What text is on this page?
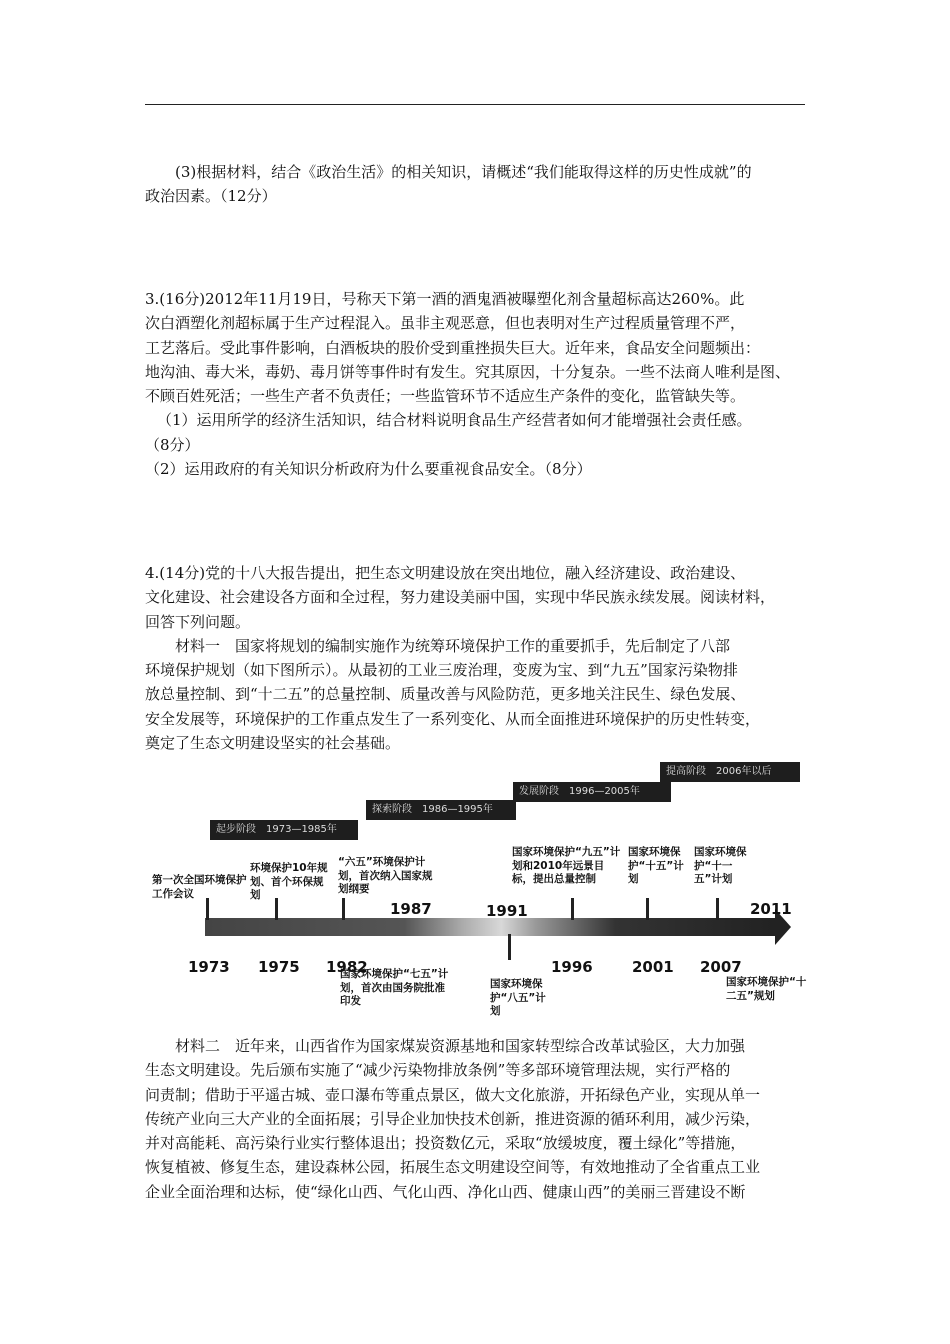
(3)根据材料，结合《政治生活》的相关知识，请概述“我们能取得这样的历史性成就”的
政治因素。（12分）
3.(16分)2012年11月19日，号称天下第一酒的酒鬼酒被曝塑化剂含量超标高达260%。此
次白酒塑化剂超标属于生产过程混入。虽非主观恶意，但也表明对生产过程质量管理不严，
工艺落后。受此事件影响，白酒板块的股价受到重挫损失巨大。近年来，食品安全问题频出：
地沟油、毒大米，毒奶、毒月饼等事件时有发生。究其原因，十分复杂。一些不法商人唯利是图、
不顾百姓死活；一些生产者不负责任；一些监管环节不适应生产条件的变化，监管缺失等。
（1）运用所学的经济生活知识，结合材料说明食品生产经营者如何才能增强社会责任感。
（8分）
（2）运用政府的有关知识分析政府为什么要重视食品安全。（8分）
4.(14分)党的十八大报告提出，把生态文明建设放在突出地位，融入经济建设、政治建设、
文化建设、社会建设各方面和全过程，努力建设美丽中国，实现中华民族永续发展。阅读材料，
回答下列问题。
材料一　国家将规划的编制实施作为统筹环境保护工作的重要抓手，先后制定了八部
环境保护规划（如下图所示）。从最初的工业三废治理，变废为宝、到“九五”国家污染物排
放总量控制、到“十二五”的总量控制、质量改善与风险防范，更多地关注民生、绿色发展、
安全发展等，环境保护的工作重点发生了一系列变化、从而全面推进环境保护的历史性转变，
奠定了生态文明建设坚实的社会基础。
起步阶段　1973—1985年
探索阶段　1986—1995年
发展阶段　1996—2005年
提高阶段　2006年以后
1973 1975 1982	1996	2001 2007
1987	1991	2011
第一次全国环境保护工作会议
环境保护10年规划、首个环保规划
“六五”环境保护计划，首次纳入国家规划纲要
国家环境保护“九五”计划和2010年远景目标，提出总量控制
国家环境保护“十五”计划
国家环境保护“十一五”计划
国家环境保护“七五”计划，首次由国务院批准印发
国家环境保护“八五”计划
国家环境保护“十二五”规划
材料二　近年来，山西省作为国家煤炭资源基地和国家转型综合改革试验区，大力加强
生态文明建设。先后颁布实施了“减少污染物排放条例”等多部环境管理法规，实行严格的
问责制；借助于平遥古城、壶口瀑布等重点景区，做大文化旅游，开拓绿色产业，实现从单一
传统产业向三大产业的全面拓展；引导企业加快技术创新，推进资源的循环利用，减少污染，
并对高能耗、高污染行业实行整体退出；投资数亿元，采取“放缓坡度，覆土绿化”等措施，
恢复植被、修复生态，建设森林公园，拓展生态文明建设空间等，有效地推动了全省重点工业
企业全面治理和达标，使“绿化山西、气化山西、净化山西、健康山西”的美丽三晋建设不断
